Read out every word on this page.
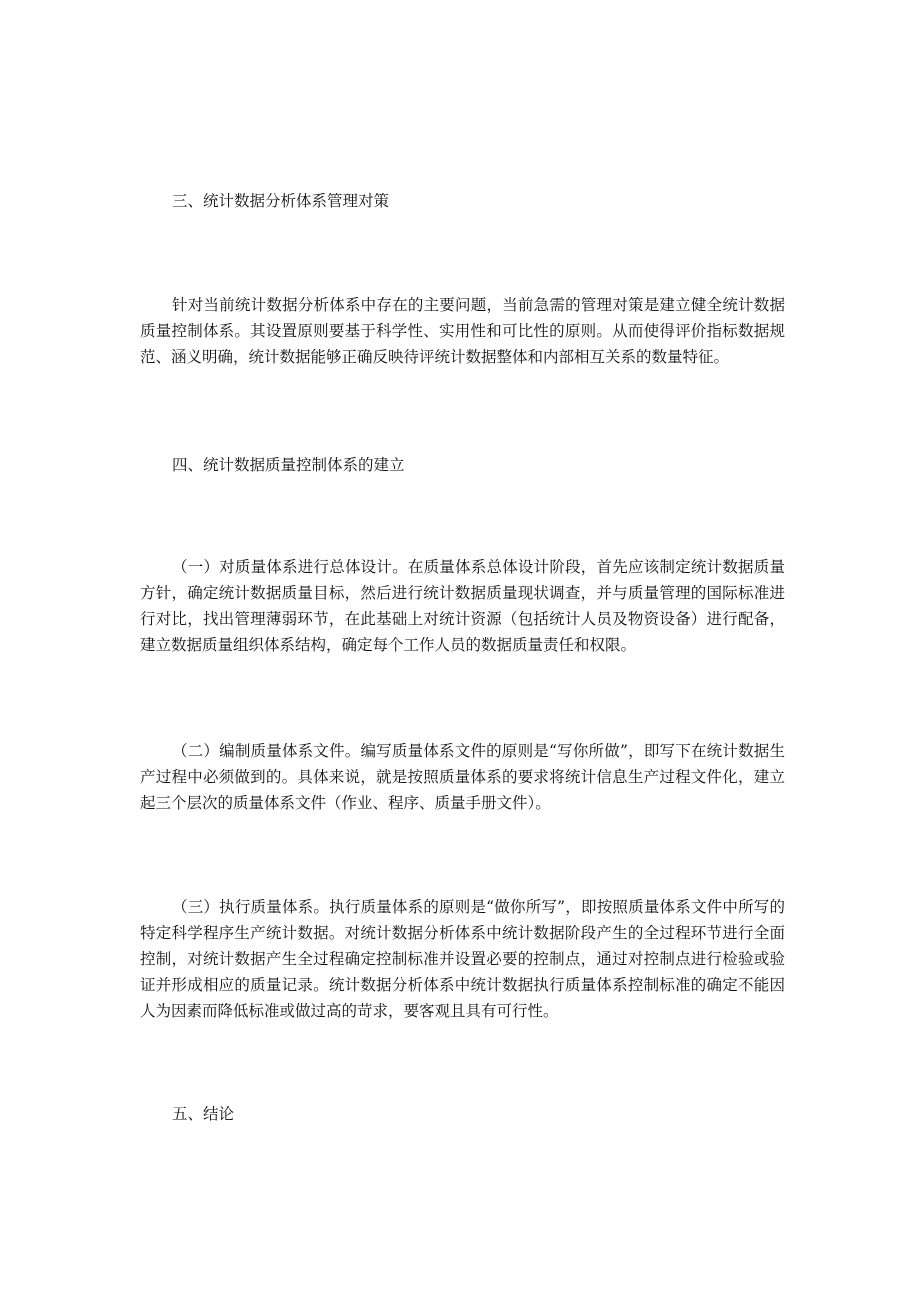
三、统计数据分析体系管理对策

针对当前统计数据分析体系中存在的主要问题，当前急需的管理对策是建立健全统计数据质量控制体系。其设置原则要基于科学性、实用性和可比性的原则。从而使得评价指标数据规范、涵义明确，统计数据能够正确反映待评统计数据整体和内部相互关系的数量特征。

四、统计数据质量控制体系的建立

（一）对质量体系进行总体设计。在质量体系总体设计阶段，首先应该制定统计数据质量方针，确定统计数据质量目标，然后进行统计数据质量现状调查，并与质量管理的国际标准进行对比，找出管理薄弱环节，在此基础上对统计资源（包括统计人员及物资设备）进行配备，建立数据质量组织体系结构，确定每个工作人员的数据质量责任和权限。

（二）编制质量体系文件。编写质量体系文件的原则是“写你所做”，即写下在统计数据生产过程中必须做到的。具体来说，就是按照质量体系的要求将统计信息生产过程文件化，建立起三个层次的质量体系文件（作业、程序、质量手册文件）。

（三）执行质量体系。执行质量体系的原则是“做你所写”，即按照质量体系文件中所写的特定科学程序生产统计数据。对统计数据分析体系中统计数据阶段产生的全过程环节进行全面控制，对统计数据产生全过程确定控制标准并设置必要的控制点，通过对控制点进行检验或验证并形成相应的质量记录。统计数据分析体系中统计数据执行质量体系控制标准的确定不能因人为因素而降低标准或做过高的苛求，要客观且具有可行性。

五、结论
